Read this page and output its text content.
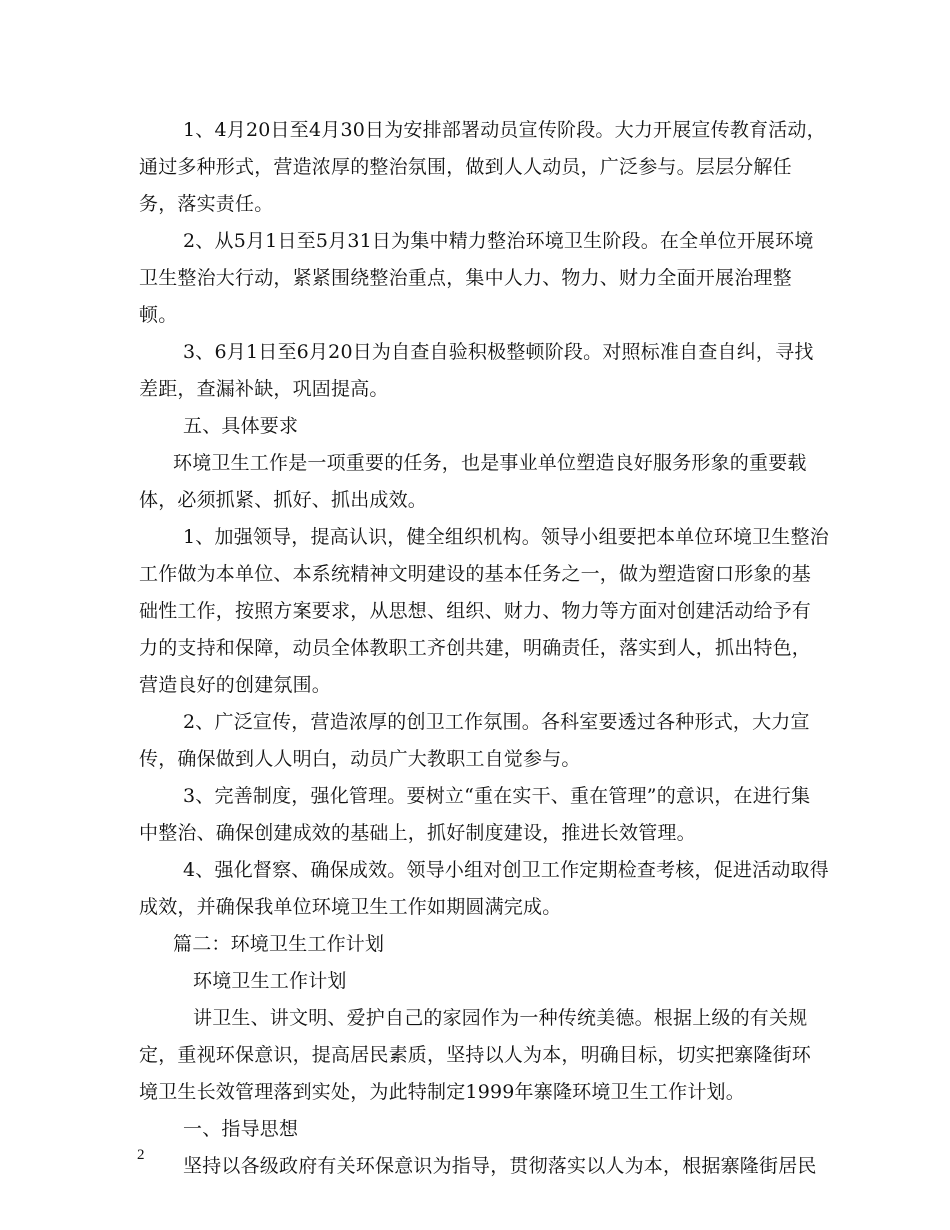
1、4月20日至4月30日为安排部署动员宣传阶段。大力开展宣传教育活动，通过多种形式，营造浓厚的整治氛围，做到人人动员，广泛参与。层层分解任务，落实责任。

2、从5月1日至5月31日为集中精力整治环境卫生阶段。在全单位开展环境卫生整治大行动，紧紧围绕整治重点，集中人力、物力、财力全面开展治理整顿。

3、6月1日至6月20日为自查自验积极整顿阶段。对照标准自查自纠，寻找差距，查漏补缺，巩固提高。

五、具体要求

环境卫生工作是一项重要的任务，也是事业单位塑造良好服务形象的重要载体，必须抓紧、抓好、抓出成效。

1、加强领导，提高认识，健全组织机构。领导小组要把本单位环境卫生整治工作做为本单位、本系统精神文明建设的基本任务之一，做为塑造窗口形象的基础性工作，按照方案要求，从思想、组织、财力、物力等方面对创建活动给予有力的支持和保障，动员全体教职工齐创共建，明确责任，落实到人，抓出特色，营造良好的创建氛围。

2、广泛宣传，营造浓厚的创卫工作氛围。各科室要透过各种形式，大力宣传，确保做到人人明白，动员广大教职工自觉参与。

3、完善制度，强化管理。要树立“重在实干、重在管理”的意识，在进行集中整治、确保创建成效的基础上，抓好制度建设，推进长效管理。

4、强化督察、确保成效。领导小组对创卫工作定期检查考核，促进活动取得成效，并确保我单位环境卫生工作如期圆满完成。

篇二：环境卫生工作计划

环境卫生工作计划

讲卫生、讲文明、爱护自己的家园作为一种传统美德。根据上级的有关规定，重视环保意识，提高居民素质，坚持以人为本，明确目标，切实把寨隆街环境卫生长效管理落到实处，为此特制定1999年寨隆环境卫生工作计划。

一、指导思想

坚持以各级政府有关环保意识为指导，贯彻落实以人为本，根据寨隆街居民

2
